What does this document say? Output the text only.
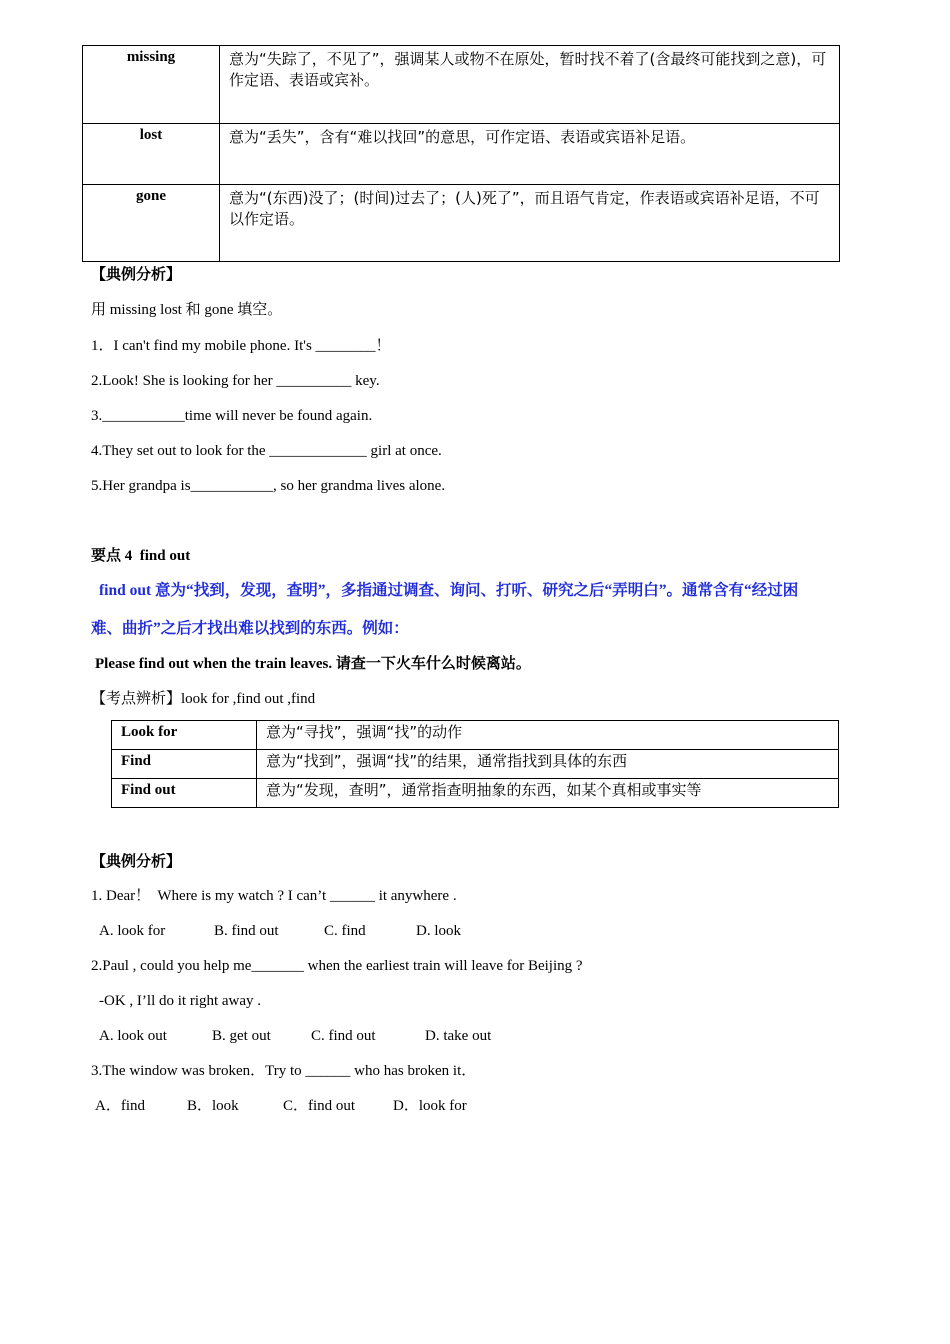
missing	意为“失踪了，不见了”，强调某人或物不在原处，暂时找不着了(含最终可能找到之意)，可作定语、表语或宾补。
lost	意为“丢失”，含有“难以找回”的意思，可作定语、表语或宾语补足语。
gone	意为“(东西)没了；(时间)过去了；(人)死了”，而且语气肯定，作表语或宾语补足语，不可以作定语。
【典例分析】
用 missing lost 和 gone 填空。
1．I can't find my mobile phone. It's ________！
2.Look! She is looking for her __________ key.
3.___________time will never be found again.
4.They set out to look for the _____________ girl at once.
5.Her grandpa is___________, so her grandma lives alone.
要点 4  find out
find out 意为“找到，发现，查明”，多指通过调查、询问、打听、研究之后“弄明白”。通常含有“经过困
难、曲折”之后才找出难以找到的东西。例如：
Please find out when the train leaves. 请查一下火车什么时候离站。
【考点辨析】look for ,find out ,find
Look for	意为“寻找”，强调“找”的动作
Find	意为“找到”，强调“找”的结果，通常指找到具体的东西
Find out	意为“发现，查明”，通常指查明抽象的东西，如某个真相或事实等
【典例分析】
1. Dear！  Where is my watch ? I can’t ______ it anywhere .
A. look for	B. find out	C. find	D. look
2.Paul , could you help me_______ when the earliest train will leave for Beijing ?
-OK , I’ll do it right away .
A. look out	B. get out	C. find out	D. take out
3.The window was broken．Try to ______ who has broken it．
A．find	B．look	C．find out	D．look for
